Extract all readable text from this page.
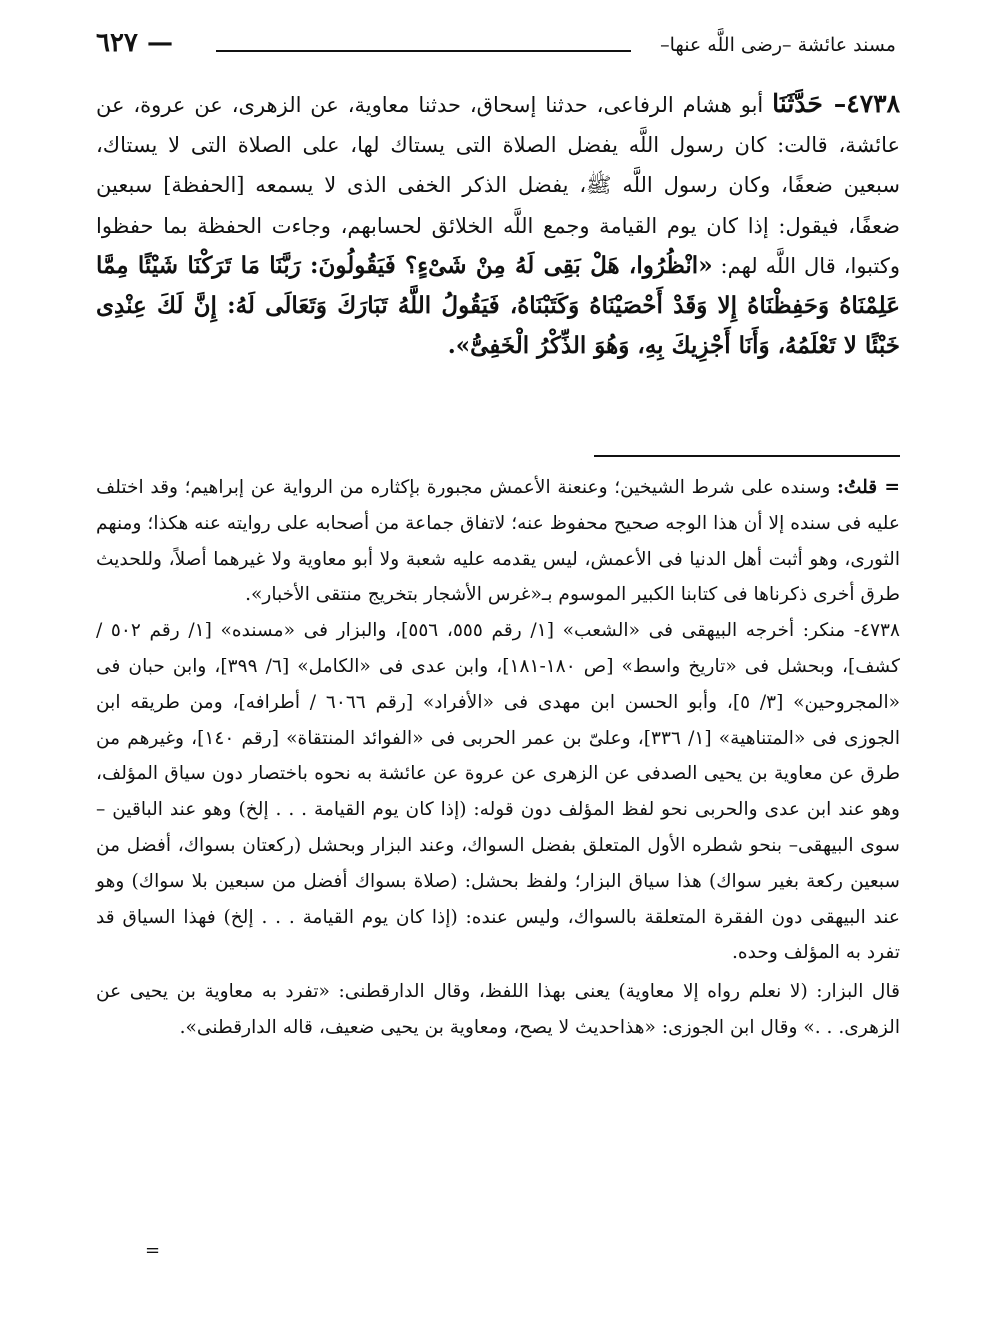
مسند عائشة –رضى اللَّه عنها–
— ٦٢٧

٤٧٣٨– حَدَّثَنَا أبو هشام الرفاعى، حدثنا إسحاق، حدثنا معاوية، عن الزهرى، عن عروة، عن عائشة، قالت: كان رسول اللَّه يفضل الصلاة التى يستاك لها، على الصلاة التى لا يستاك، سبعين ضعفًا، وكان رسول اللَّه ﷺ، يفضل الذكر الخفى الذى لا يسمعه [الحفظة] سبعين ضعفًا، فيقول: إذا كان يوم القيامة وجمع اللَّه الخلائق لحسابهم، وجاءت الحفظة بما حفظوا وكتبوا، قال اللَّه لهم: «انْظُرُوا، هَلْ بَقِى لَهُ مِنْ شَىْءٍ؟ فَيَقُولُونَ: رَبَّنَا مَا تَرَكْنَا شَيْئًا مِمَّا عَلِمْنَاهُ وَحَفِظْنَاهُ إِلا وَقَدْ أَحْصَيْنَاهُ وَكَتَبْنَاهُ، فَيَقُولُ اللَّهُ تَبَارَكَ وَتَعَالَى لَهُ: إِنَّ لَكَ عِنْدِى خَبْئًا لا تَعْلَمُهُ، وَأَنَا أَجْزِيكَ بِهِ، وَهُوَ الذِّكْرُ الْخَفِىُّ».

= قلتُ: وسنده على شرط الشيخين؛ وعنعنة الأعمش مجبورة بإكثاره من الرواية عن إبراهيم؛ وقد اختلف عليه فى سنده إلا أن هذا الوجه صحيح محفوظ عنه؛ لاتفاق جماعة من أصحابه على روايته عنه هكذا؛ ومنهم الثورى، وهو أثبت أهل الدنيا فى الأعمش، ليس يقدمه عليه شعبة ولا أبو معاوية ولا غيرهما أصلاً، وللحديث طرق أخرى ذكرناها فى كتابنا الكبير الموسوم بـ«غرس الأشجار بتخريج منتقى الأخبار».

٤٧٣٨- منكر: أخرجه البيهقى فى «الشعب» [١/ رقم ٥٥٥، ٥٥٦]، والبزار فى «مسنده» [١/ رقم ٥٠٢ / كشف]، وبحشل فى «تاريخ واسط» [ص ١٨٠-١٨١]، وابن عدى فى «الكامل» [٦/ ٣٩٩]، وابن حبان فى «المجروحين» [٣/ ٥]، وأبو الحسن ابن مهدى فى «الأفراد» [رقم ٦٠٦٦ / أطرافه]، ومن طريقه ابن الجوزى فى «المتناهية» [١/ ٣٣٦]، وعلىّ بن عمر الحربى فى «الفوائد المنتقاة» [رقم ١٤٠]، وغيرهم من طرق عن معاوية بن يحيى الصدفى عن الزهرى عن عروة عن عائشة به نحوه باختصار دون سياق المؤلف، وهو عند ابن عدى والحربى نحو لفظ المؤلف دون قوله: (إذا كان يوم القيامة . . . إلخ) وهو عند الباقين – سوى البيهقى– بنحو شطره الأول المتعلق بفضل السواك، وعند البزار وبحشل (ركعتان بسواك، أفضل من سبعين ركعة بغير سواك) هذا سياق البزار؛ ولفظ بحشل: (صلاة بسواك أفضل من سبعين بلا سواك) وهو عند البيهقى دون الفقرة المتعلقة بالسواك، وليس عنده: (إذا كان يوم القيامة . . . إلخ) فهذا السياق قد تفرد به المؤلف وحده.

قال البزار: (لا نعلم رواه إلا معاوية) يعنى بهذا اللفظ، وقال الدارقطنى: «تفرد به معاوية بن يحيى عن الزهرى. . .» وقال ابن الجوزى: «هذاحديث لا يصح، ومعاوية بن يحيى ضعيف، قاله الدارقطنى».

=
